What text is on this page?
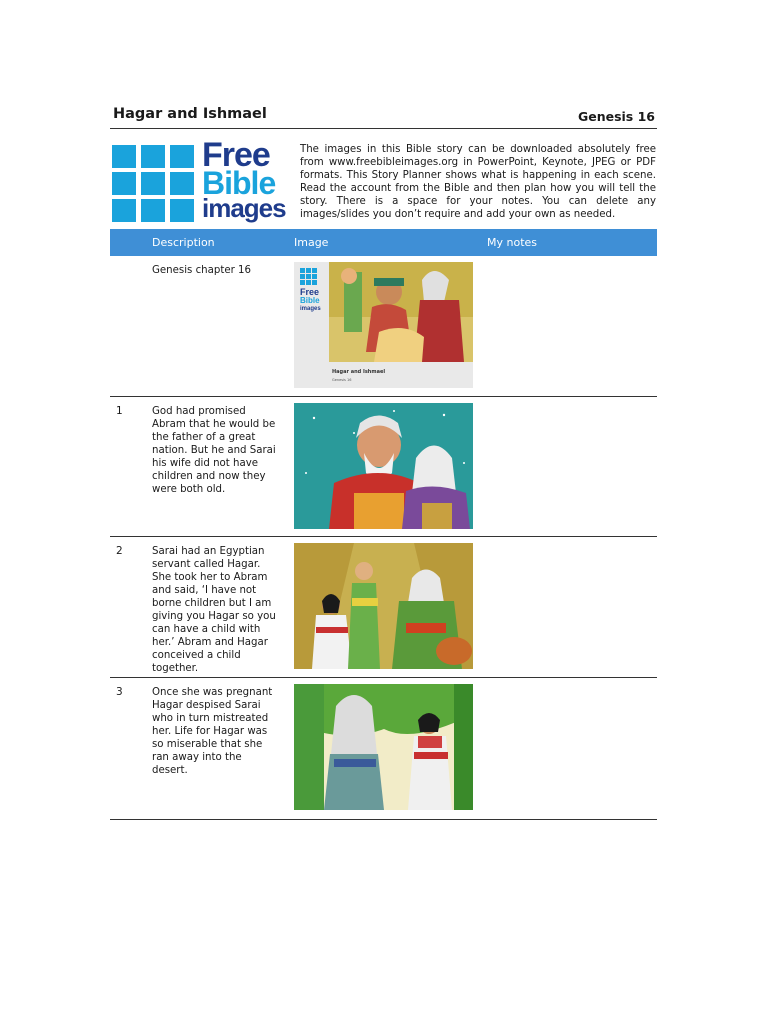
Hagar and Ishmael	Genesis 16
Free
Bible
images
The images in this Bible story can be downloaded absolutely free from www.freebibleimages.org in PowerPoint, Keynote, JPEG or PDF formats. This Story Planner shows what is happening in each scene. Read the account from the Bible and then plan how you will tell the story. There is a space for your notes. You can delete any images/slides you don’t require and add your own as needed.
Description	Image	My notes
Genesis chapter 16
Free
Bible
images
Hagar and Ishmael
Genesis 16
1	God had promised Abram that he would be the father of a great nation. But he and Sarai his wife did not have children and now they were both old.
2	Sarai had an Egyptian servant called Hagar. She took her to Abram and said, ‘I have not borne children but I am giving you Hagar so you can have a child with her.’ Abram and Hagar conceived a child together.
3	Once she was pregnant Hagar despised Sarai who in turn mistreated her. Life for Hagar was so miserable that she ran away into the desert.
